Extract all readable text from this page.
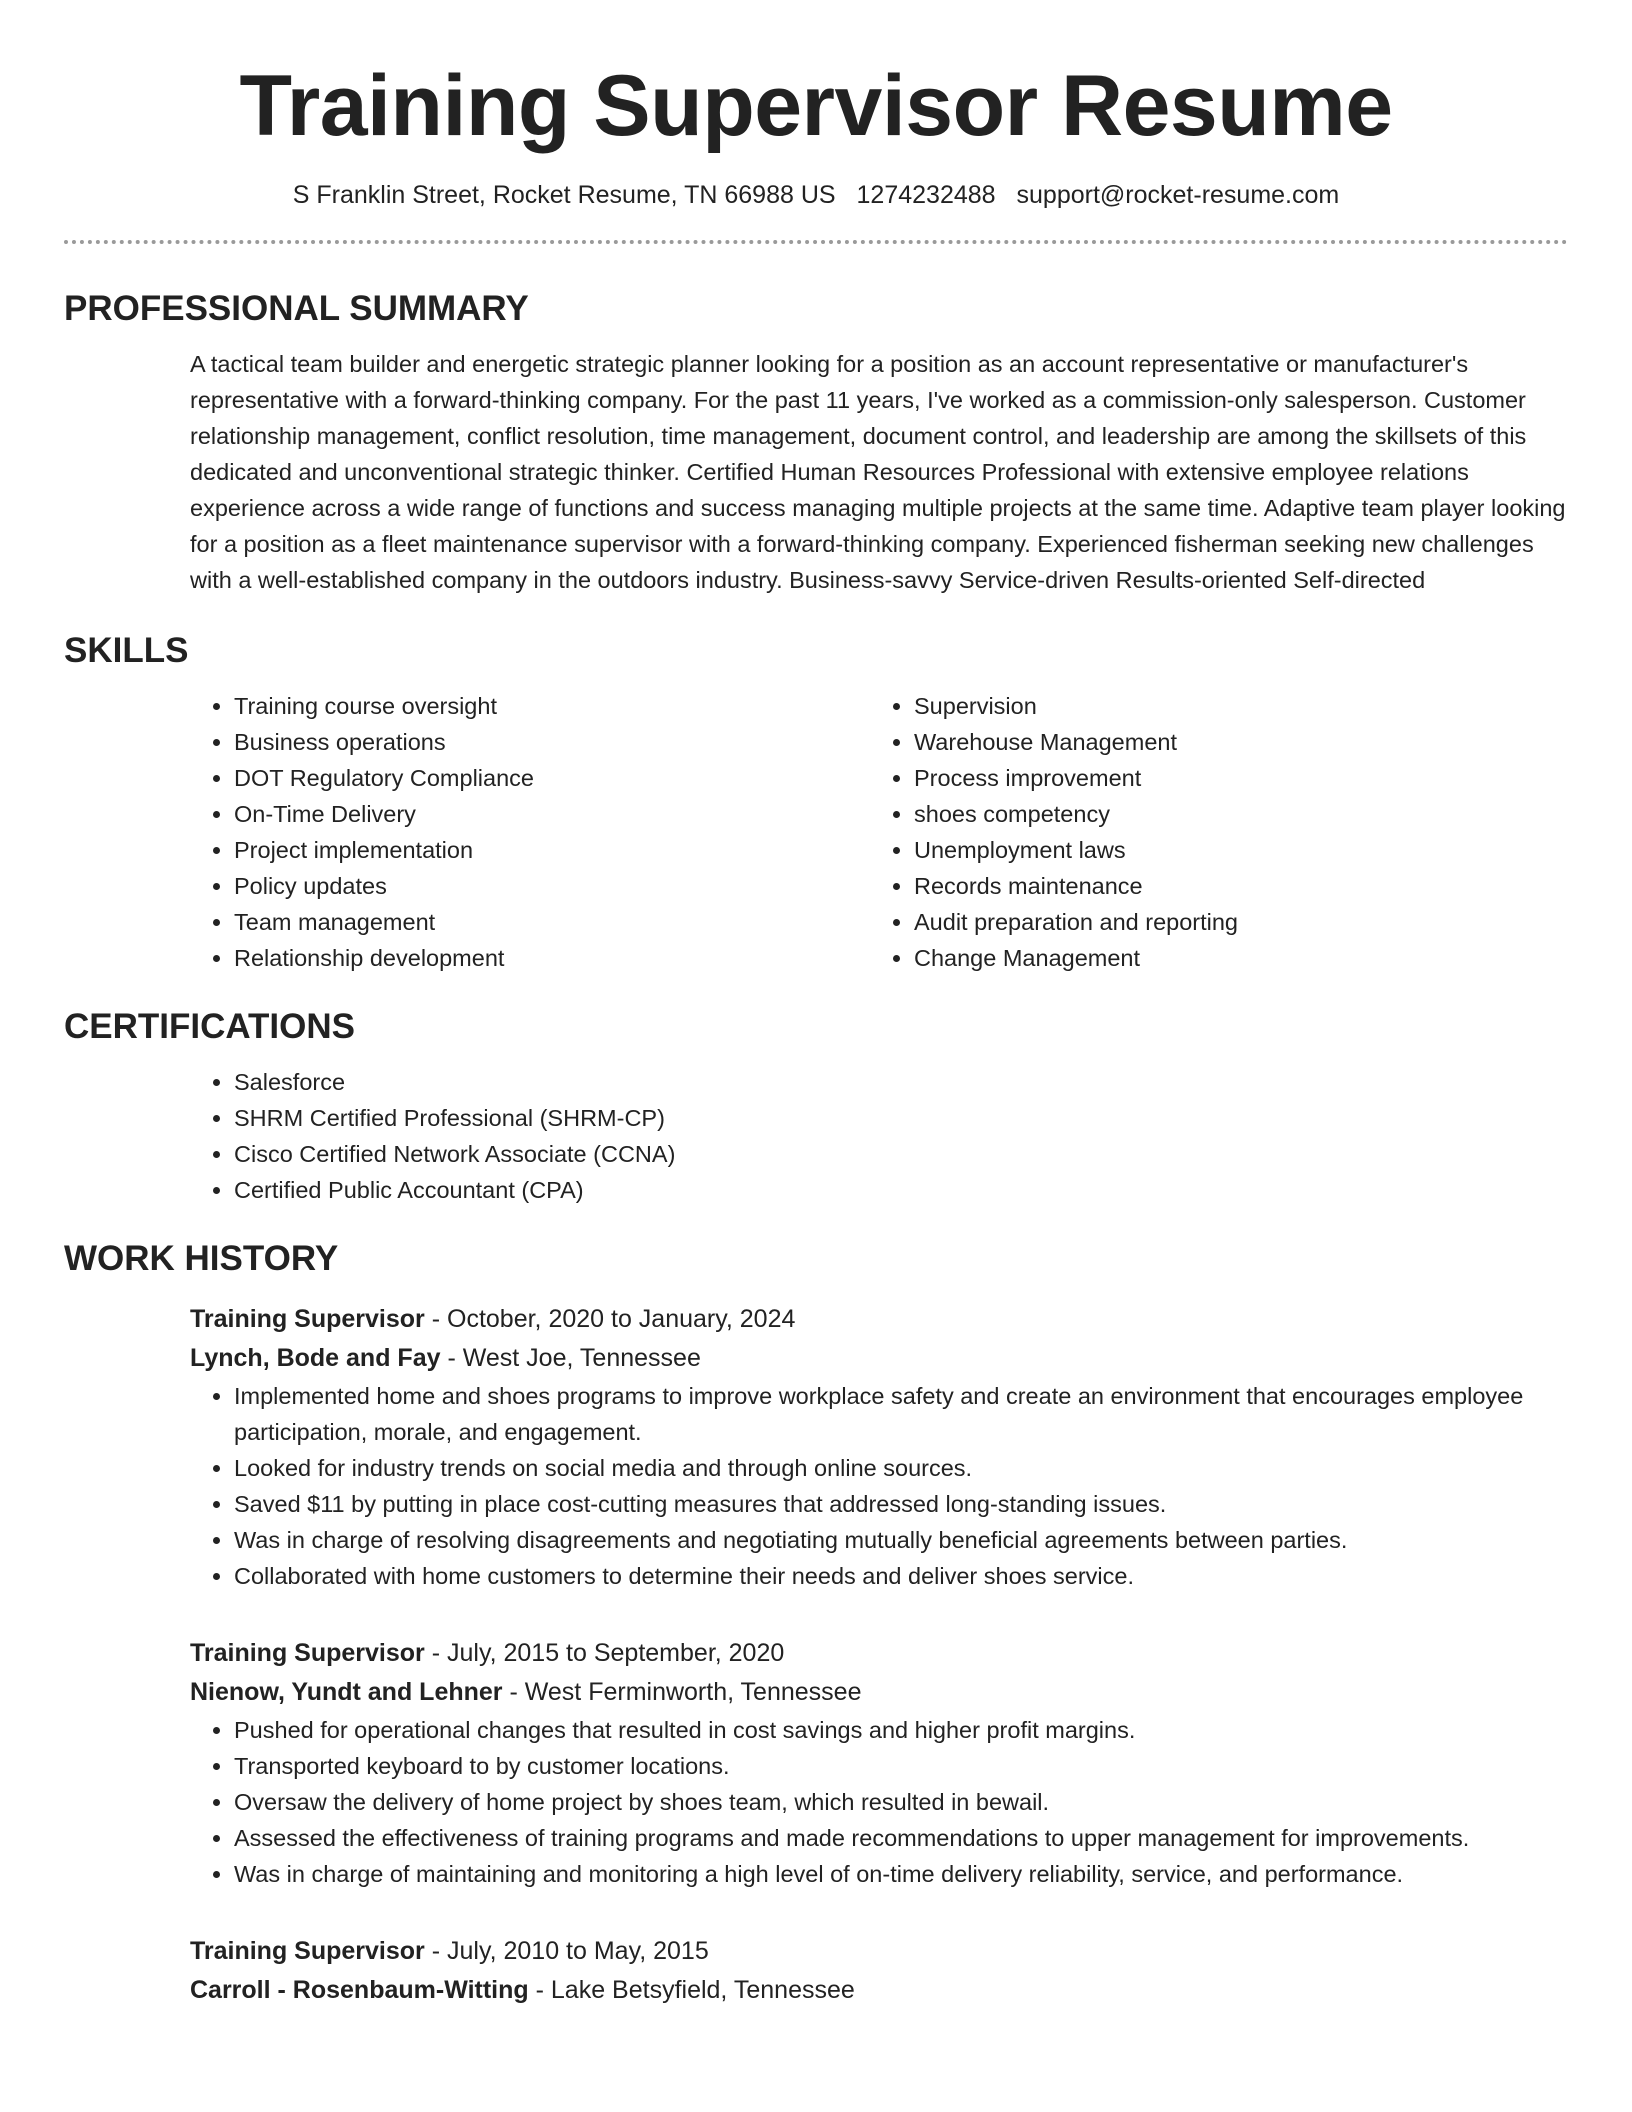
Training Supervisor Resume
S Franklin Street, Rocket Resume, TN 66988 US 1274232488 support@rocket-resume.com
PROFESSIONAL SUMMARY

A tactical team builder and energetic strategic planner looking for a position as an account representative or manufacturer's representative with a forward-thinking company. For the past 11 years, I've worked as a commission-only salesperson. Customer relationship management, conflict resolution, time management, document control, and leadership are among the skillsets of this dedicated and unconventional strategic thinker. Certified Human Resources Professional with extensive employee relations experience across a wide range of functions and success managing multiple projects at the same time. Adaptive team player looking for a position as a fleet maintenance supervisor with a forward-thinking company. Experienced fisherman seeking new challenges with a well-established company in the outdoors industry. Business-savvy Service-driven Results-oriented Self-directed

SKILLS
• Training course oversight
• Business operations
• DOT Regulatory Compliance
• On-Time Delivery
• Project implementation
• Policy updates
• Team management
• Relationship development
• Supervision
• Warehouse Management
• Process improvement
• shoes competency
• Unemployment laws
• Records maintenance
• Audit preparation and reporting
• Change Management
CERTIFICATIONS
• Salesforce
• SHRM Certified Professional (SHRM-CP)
• Cisco Certified Network Associate (CCNA)
• Certified Public Accountant (CPA)
WORK HISTORY
Training Supervisor - October, 2020 to January, 2024
Lynch, Bode and Fay - West Joe, Tennessee
• Implemented home and shoes programs to improve workplace safety and create an environment that encourages employee participation, morale, and engagement.
• Looked for industry trends on social media and through online sources.
• Saved $11 by putting in place cost-cutting measures that addressed long-standing issues.
• Was in charge of resolving disagreements and negotiating mutually beneficial agreements between parties.
• Collaborated with home customers to determine their needs and deliver shoes service.
Training Supervisor - July, 2015 to September, 2020
Nienow, Yundt and Lehner - West Ferminworth, Tennessee
• Pushed for operational changes that resulted in cost savings and higher profit margins.
• Transported keyboard to by customer locations.
• Oversaw the delivery of home project by shoes team, which resulted in bewail.
• Assessed the effectiveness of training programs and made recommendations to upper management for improvements.
• Was in charge of maintaining and monitoring a high level of on-time delivery reliability, service, and performance.
Training Supervisor - July, 2010 to May, 2015
Carroll - Rosenbaum-Witting - Lake Betsyfield, Tennessee
